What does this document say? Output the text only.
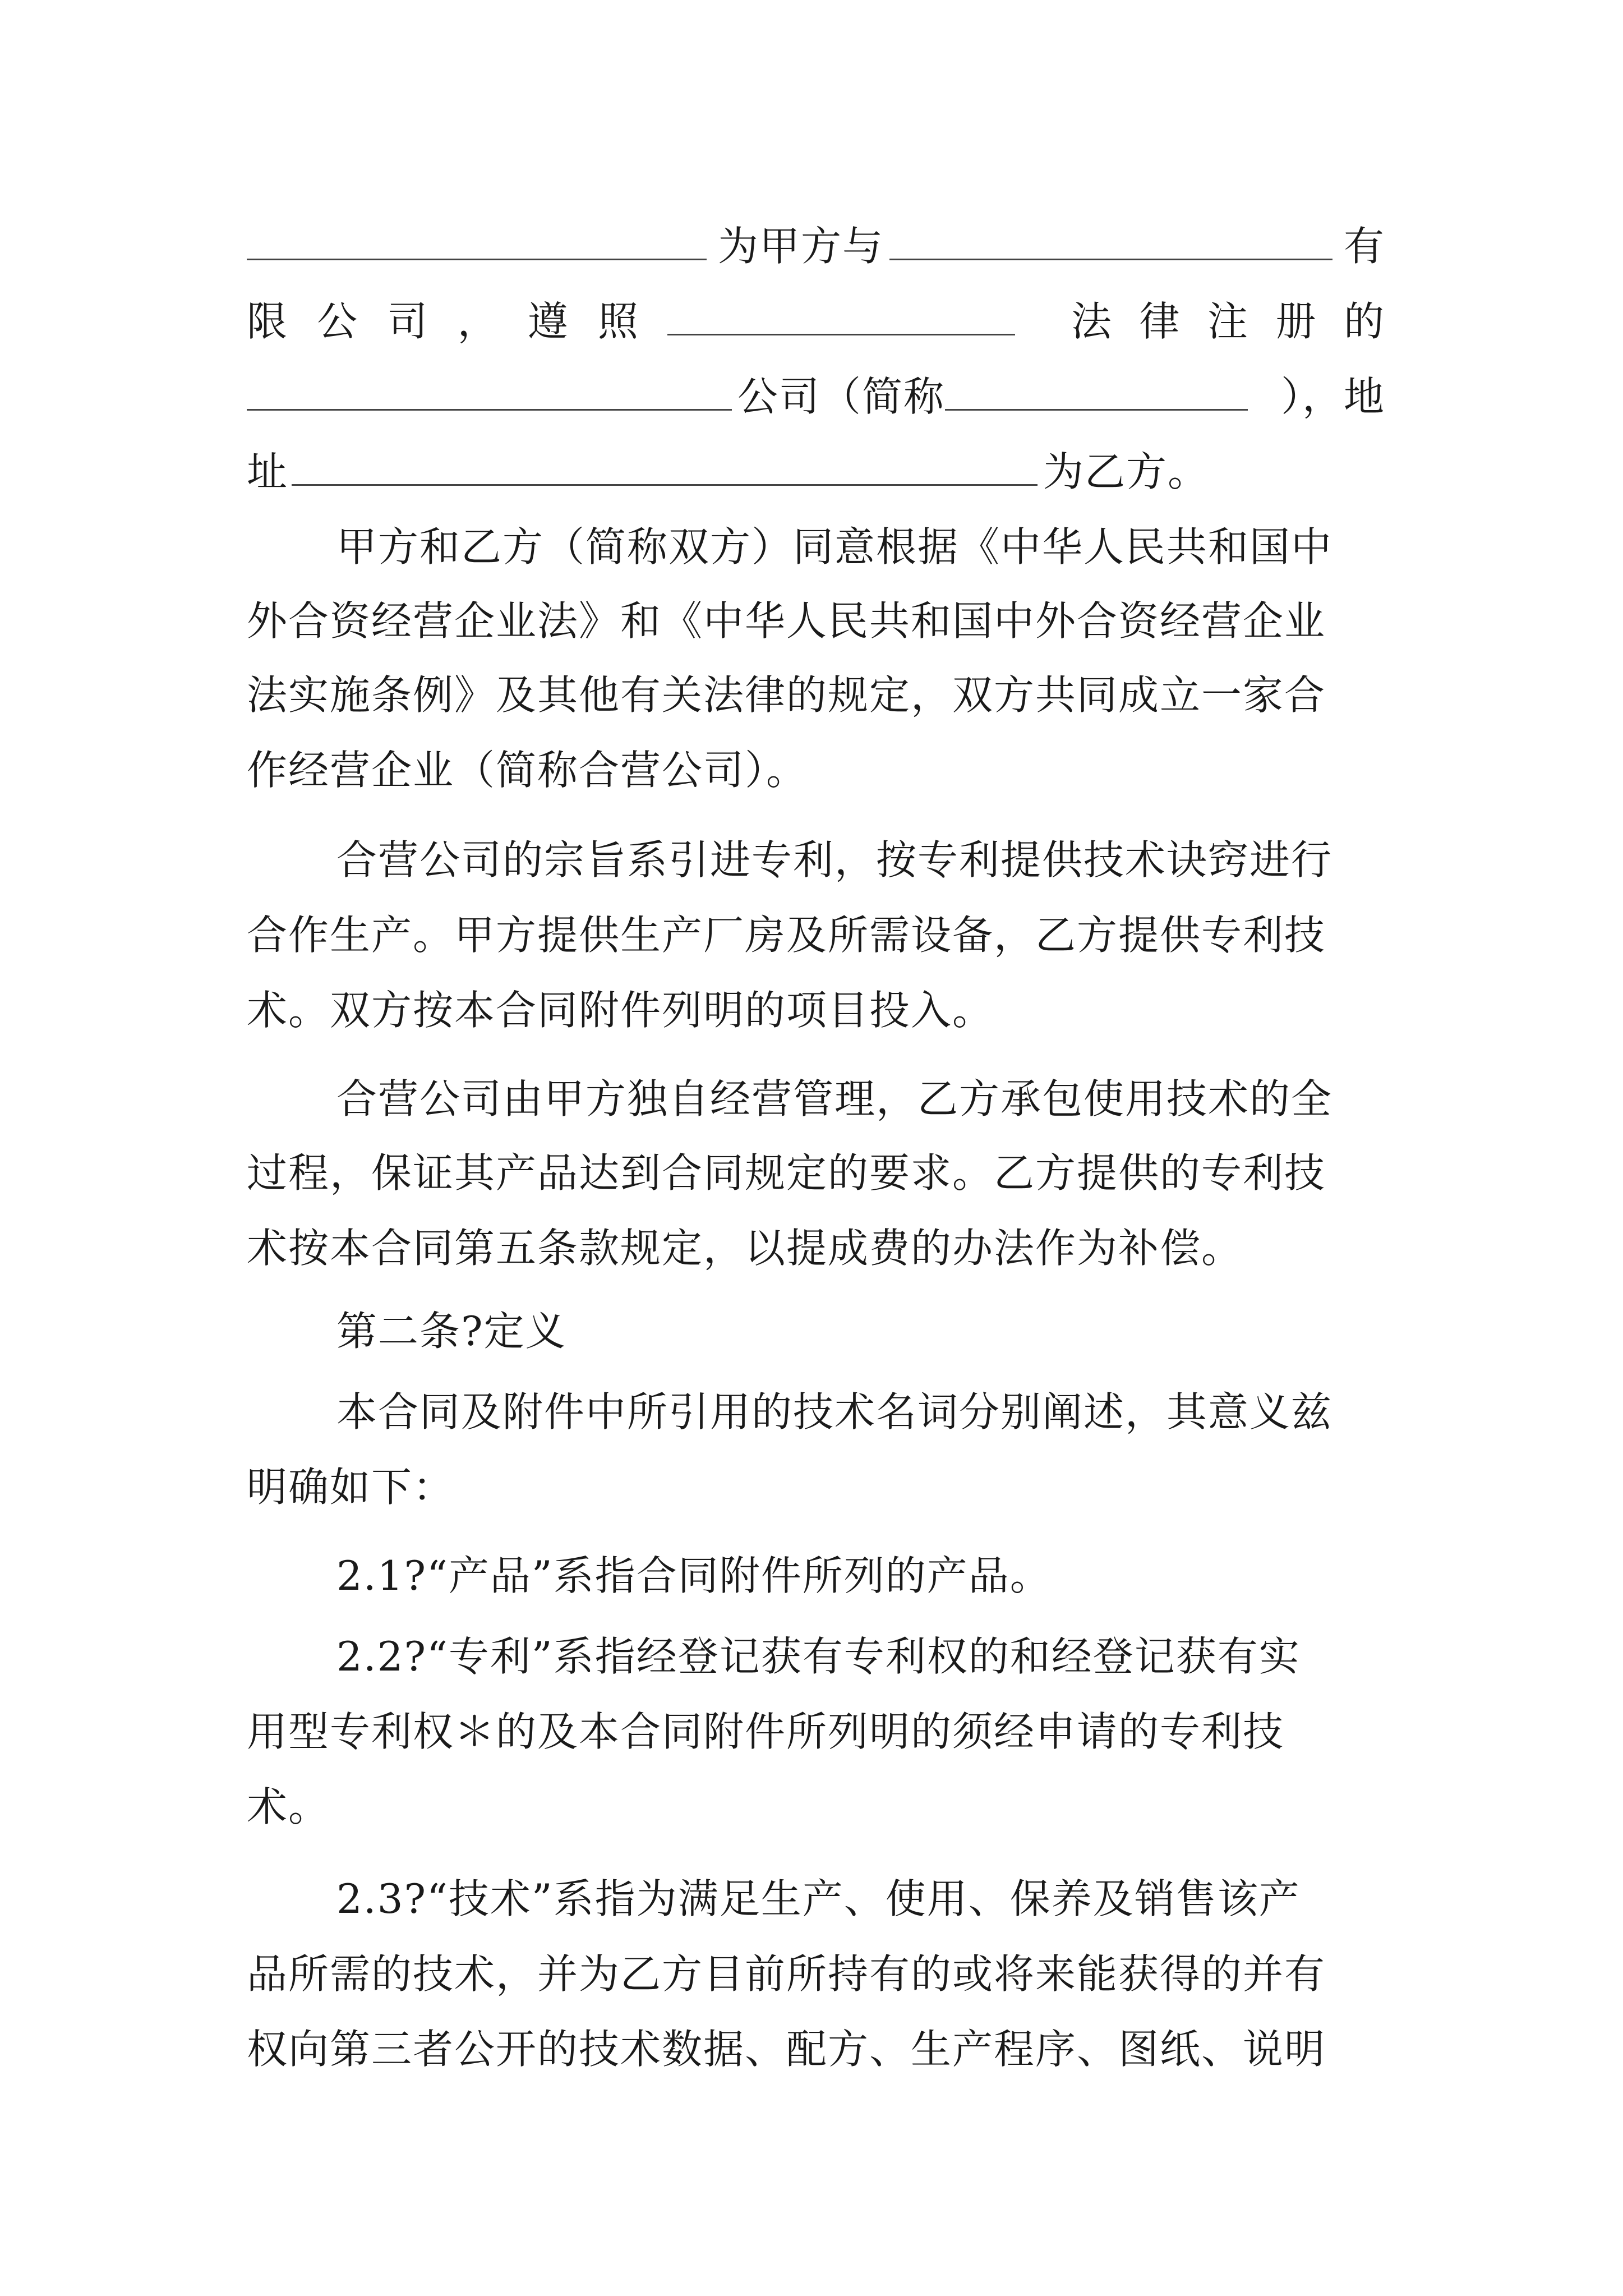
为甲方与	有
限 公 司 ， 遵 照	法 律 注 册 的
公司（简称	），地
址	为乙方。
甲方和乙方（简称双方）同意根据《中华人民共和国中
外合资经营企业法》和《中华人民共和国中外合资经营企业
法实施条例》及其他有关法律的规定，双方共同成立一家合
作经营企业（简称合营公司）。
合营公司的宗旨系引进专利，按专利提供技术诀窍进行
合作生产。甲方提供生产厂房及所需设备，乙方提供专利技
术。双方按本合同附件列明的项目投入。
合营公司由甲方独自经营管理，乙方承包使用技术的全
过程，保证其产品达到合同规定的要求。乙方提供的专利技
术按本合同第五条款规定，以提成费的办法作为补偿。
第二条?定义
本合同及附件中所引用的技术名词分别阐述，其意义兹
明确如下：
2.1?“产品”系指合同附件所列的产品。
2.2?“专利”系指经登记获有专利权的和经登记获有实
用型专利权＊的及本合同附件所列明的须经申请的专利技
术。
2.3?“技术”系指为满足生产、使用、保养及销售该产
品所需的技术，并为乙方目前所持有的或将来能获得的并有
权向第三者公开的技术数据、配方、生产程序、图纸、说明
